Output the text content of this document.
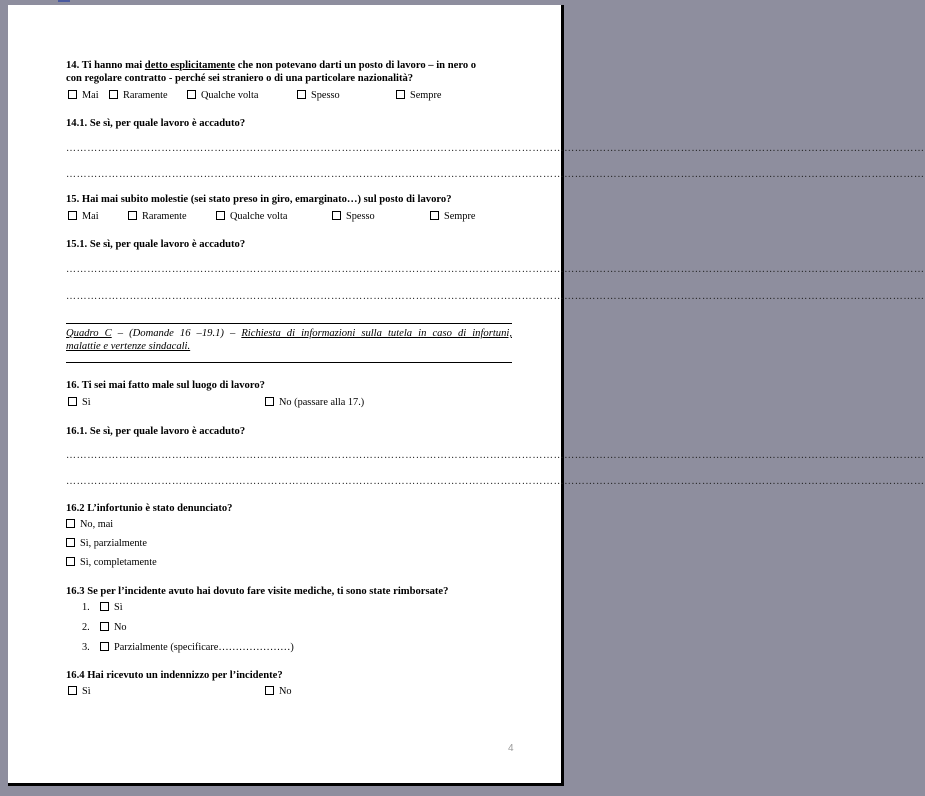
14. Ti hanno mai detto esplicitamente che non potevano darti un posto di lavoro – in nero o
con regolare contratto - perché sei straniero o di una particolare nazionalità?
Mai	Raramente	Qualche volta	Spesso	Sempre
14.1. Se sì, per quale lavoro è accaduto?
………………………………………………………………………………………………………………………………………………………………………………………………………………………
………………………………………………………………………………………………………………………………………………………………………………………………………………………
15. Hai mai subito molestie (sei stato preso in giro, emarginato…) sul posto di lavoro?
Mai	Raramente	Qualche volta	Spesso	Sempre
15.1. Se sì, per quale lavoro è accaduto?
………………………………………………………………………………………………………………………………………………………………………………………………………………………
………………………………………………………………………………………………………………………………………………………………………………………………………………………
Quadro C – (Domande 16 –19.1) – Richiesta di informazioni sulla tutela in caso di infortuni,
malattie e vertenze sindacali.
16. Ti sei mai fatto male sul luogo di lavoro?
Sì	No (passare alla 17.)
16.1. Se sì, per quale lavoro è accaduto?
………………………………………………………………………………………………………………………………………………………………………………………………………………………
………………………………………………………………………………………………………………………………………………………………………………………………………………………
16.2 L’infortunio è stato denunciato?
No, mai
Sì, parzialmente
Sì, completamente
16.3 Se per l’incidente avuto hai dovuto fare visite mediche, ti sono state rimborsate?
1. Sì
2. No
3. Parzialmente (specificare…………………)
16.4 Hai ricevuto un indennizzo per l’incidente?
Sì	No
4
